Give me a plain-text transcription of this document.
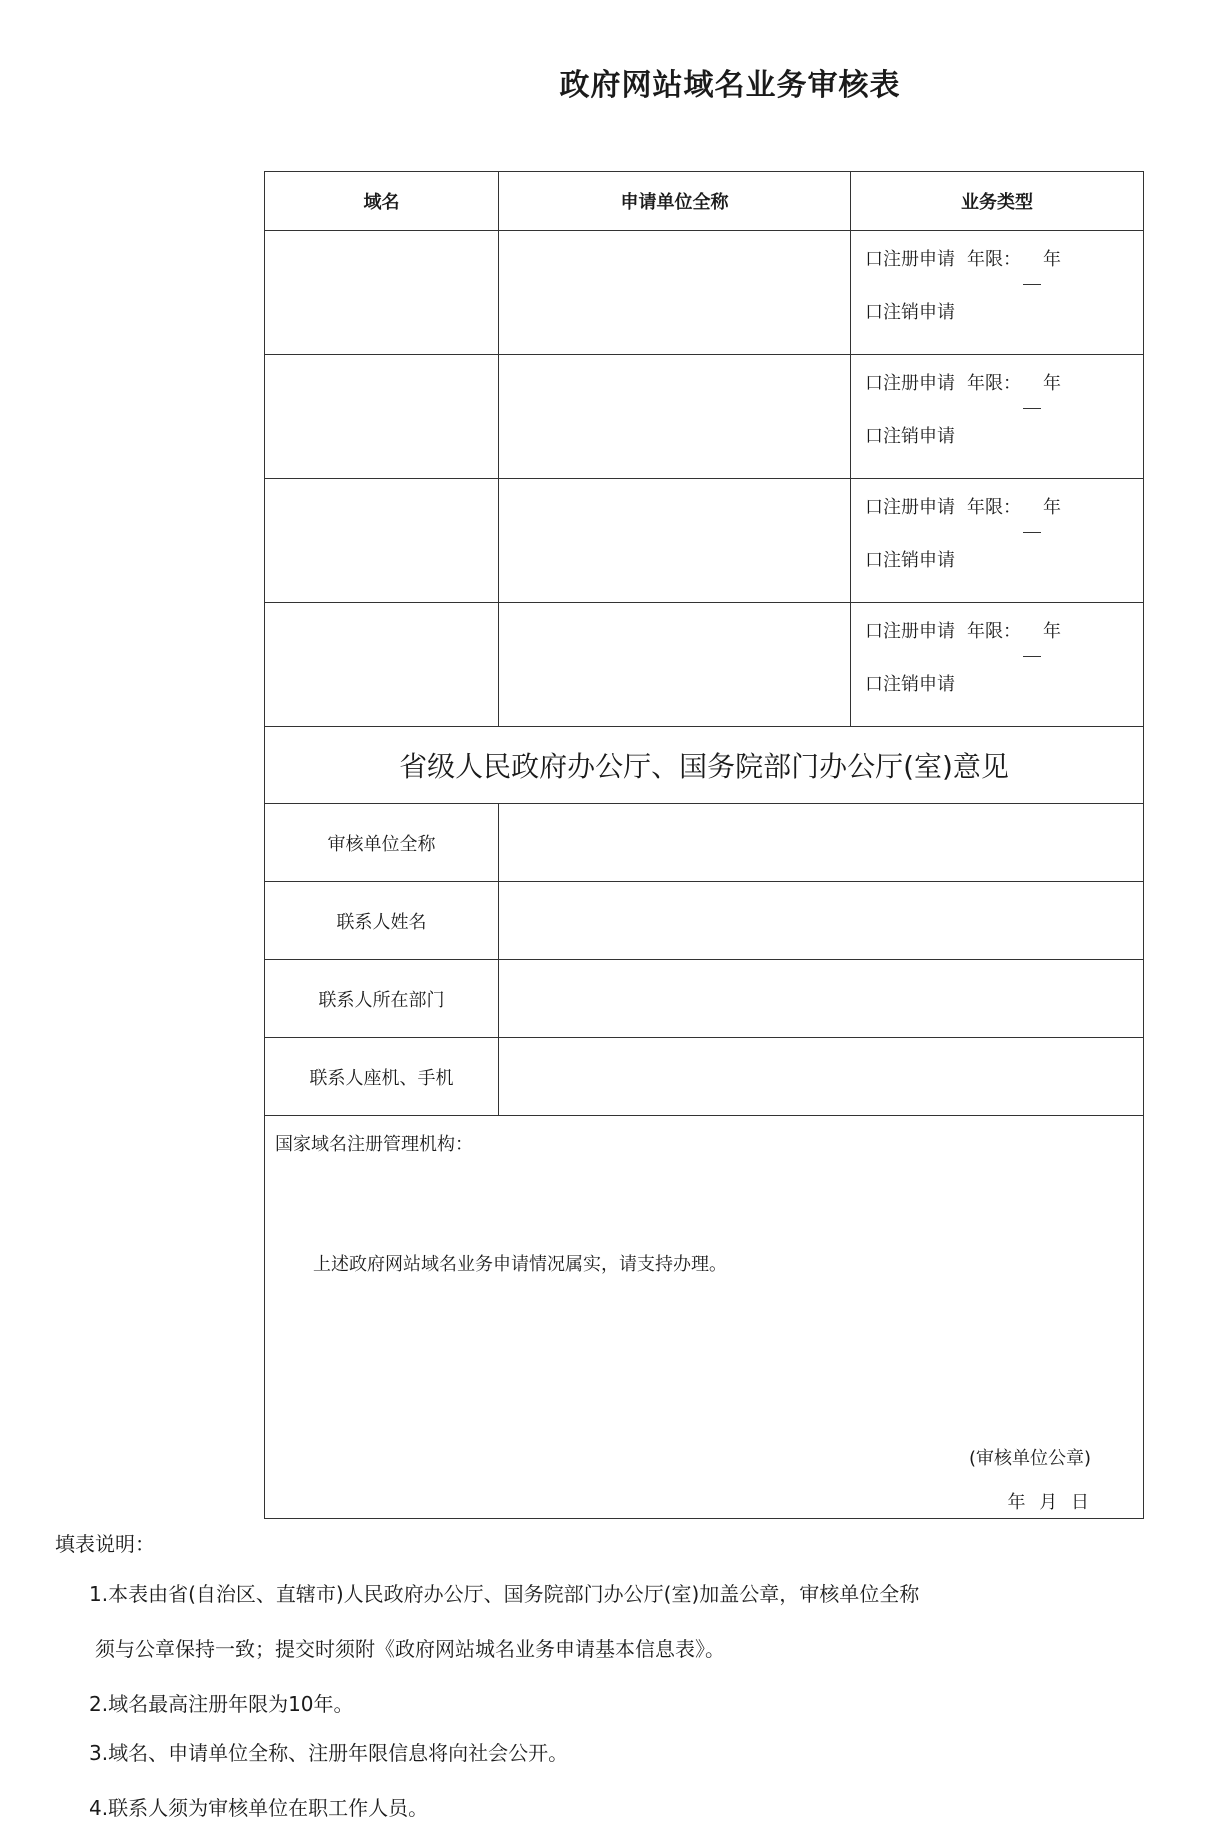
政府网站域名业务审核表
域名	申请单位全称	业务类型

		口注册申请 年限： 年
口注销申请

		口注册申请 年限： 年
口注销申请

		口注册申请 年限： 年
口注销申请

		口注册申请 年限： 年
口注销申请

省级人民政府办公厅、国务院部门办公厅(室)意见		
审核单位全称		
联系人姓名		
联系人所在部门		
联系人座机、手机		

国家域名注册管理机构：
上述政府网站域名业务申请情况属实，请支持办理。
(审核单位公章)
年 月 日		
填表说明：
1.本表由省(自治区、直辖市)人民政府办公厅、国务院部门办公厅(室)加盖公章，审核单位全称
须与公章保持一致；提交时须附《政府网站城名业务申请基本信息表》。
2.域名最高注册年限为10年。
3.域名、申请单位全称、注册年限信息将向社会公开。
4.联系人须为审核单位在职工作人员。
